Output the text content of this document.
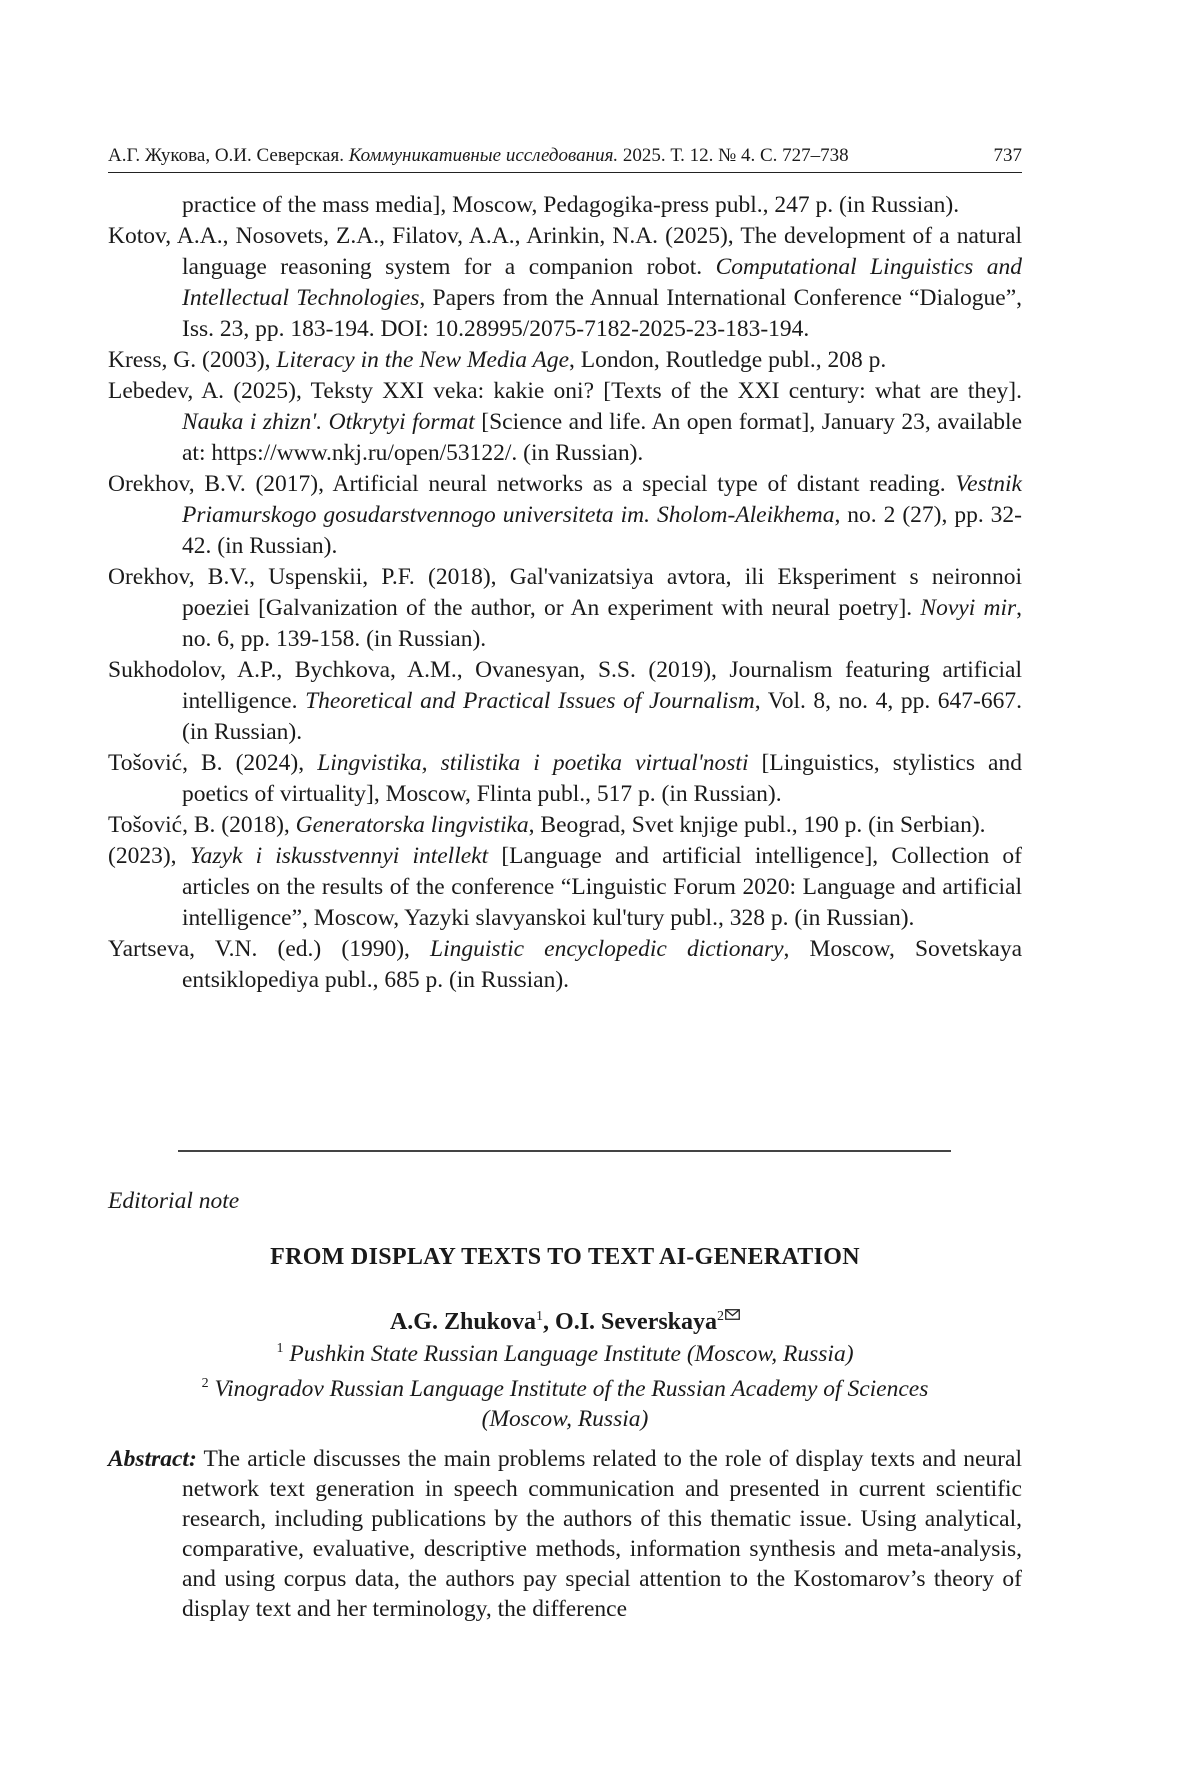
А.Г. Жукова, О.И. Северская. Коммуникативные исследования. 2025. Т. 12. № 4. С. 727–738	737

practice of the mass media], Moscow, Pedagogika-press publ., 247 p. (in Russian).

Kotov, A.A., Nosovets, Z.A., Filatov, A.A., Arinkin, N.A. (2025), The development of a natural language reasoning system for a companion robot. Computational Linguistics and Intellectual Technologies, Papers from the Annual International Conference “Dialogue”, Iss. 23, pp. 183-194. DOI: 10.28995/2075-7182-2025-23-183-194.

Kress, G. (2003), Literacy in the New Media Age, London, Routledge publ., 208 p.

Lebedev, A. (2025), Teksty XXI veka: kakie oni? [Texts of the XXI century: what are they]. Nauka i zhizn'. Otkrytyi format [Science and life. An open format], January 23, available at: https://www.nkj.ru/open/53122/. (in Russian).

Orekhov, B.V. (2017), Artificial neural networks as a special type of distant reading. Vestnik Priamurskogo gosudarstvennogo universiteta im. Sholom-Aleikhema, no. 2 (27), pp. 32-42. (in Russian).

Orekhov, B.V., Uspenskii, P.F. (2018), Gal'vanizatsiya avtora, ili Eksperiment s neironnoi poeziei [Galvanization of the author, or An experiment with neural poetry]. Novyi mir, no. 6, pp. 139-158. (in Russian).

Sukhodolov, A.P., Bychkova, A.M., Ovanesyan, S.S. (2019), Journalism featuring artificial intelligence. Theoretical and Practical Issues of Journalism, Vol. 8, no. 4, pp. 647-667. (in Russian).

Tošović, B. (2024), Lingvistika, stilistika i poetika virtual'nosti [Linguistics, stylistics and poetics of virtuality], Moscow, Flinta publ., 517 p. (in Russian).

Tošović, B. (2018), Generatorska lingvistika, Beograd, Svet knjige publ., 190 p. (in Serbian).

(2023), Yazyk i iskusstvennyi intellekt [Language and artificial intelligence], Collection of articles on the results of the conference “Linguistic Forum 2020: Language and artificial intelligence”, Moscow, Yazyki slavyanskoi kul'tury publ., 328 p. (in Russian).

Yartseva, V.N. (ed.) (1990), Linguistic encyclopedic dictionary, Moscow, Sovetskaya entsiklopediya publ., 685 p. (in Russian).

Editorial note
FROM DISPLAY TEXTS TO TEXT AI-GENERATION
A.G. Zhukova$^1$, O.I. Severskaya$^2$
$^1$ Pushkin State Russian Language Institute (Moscow, Russia)
$^2$ Vinogradov Russian Language Institute of the Russian Academy of Sciences
(Moscow, Russia)
Abstract: The article discusses the main problems related to the role of display texts and neural network text generation in speech communication and presented in current scientific research, including publications by the authors of this thematic issue. Using analytical, comparative, evaluative, descriptive methods, information synthesis and meta-analysis, and using corpus data, the authors pay special attention to the Kostomarov’s theory of display text and her terminology, the difference
